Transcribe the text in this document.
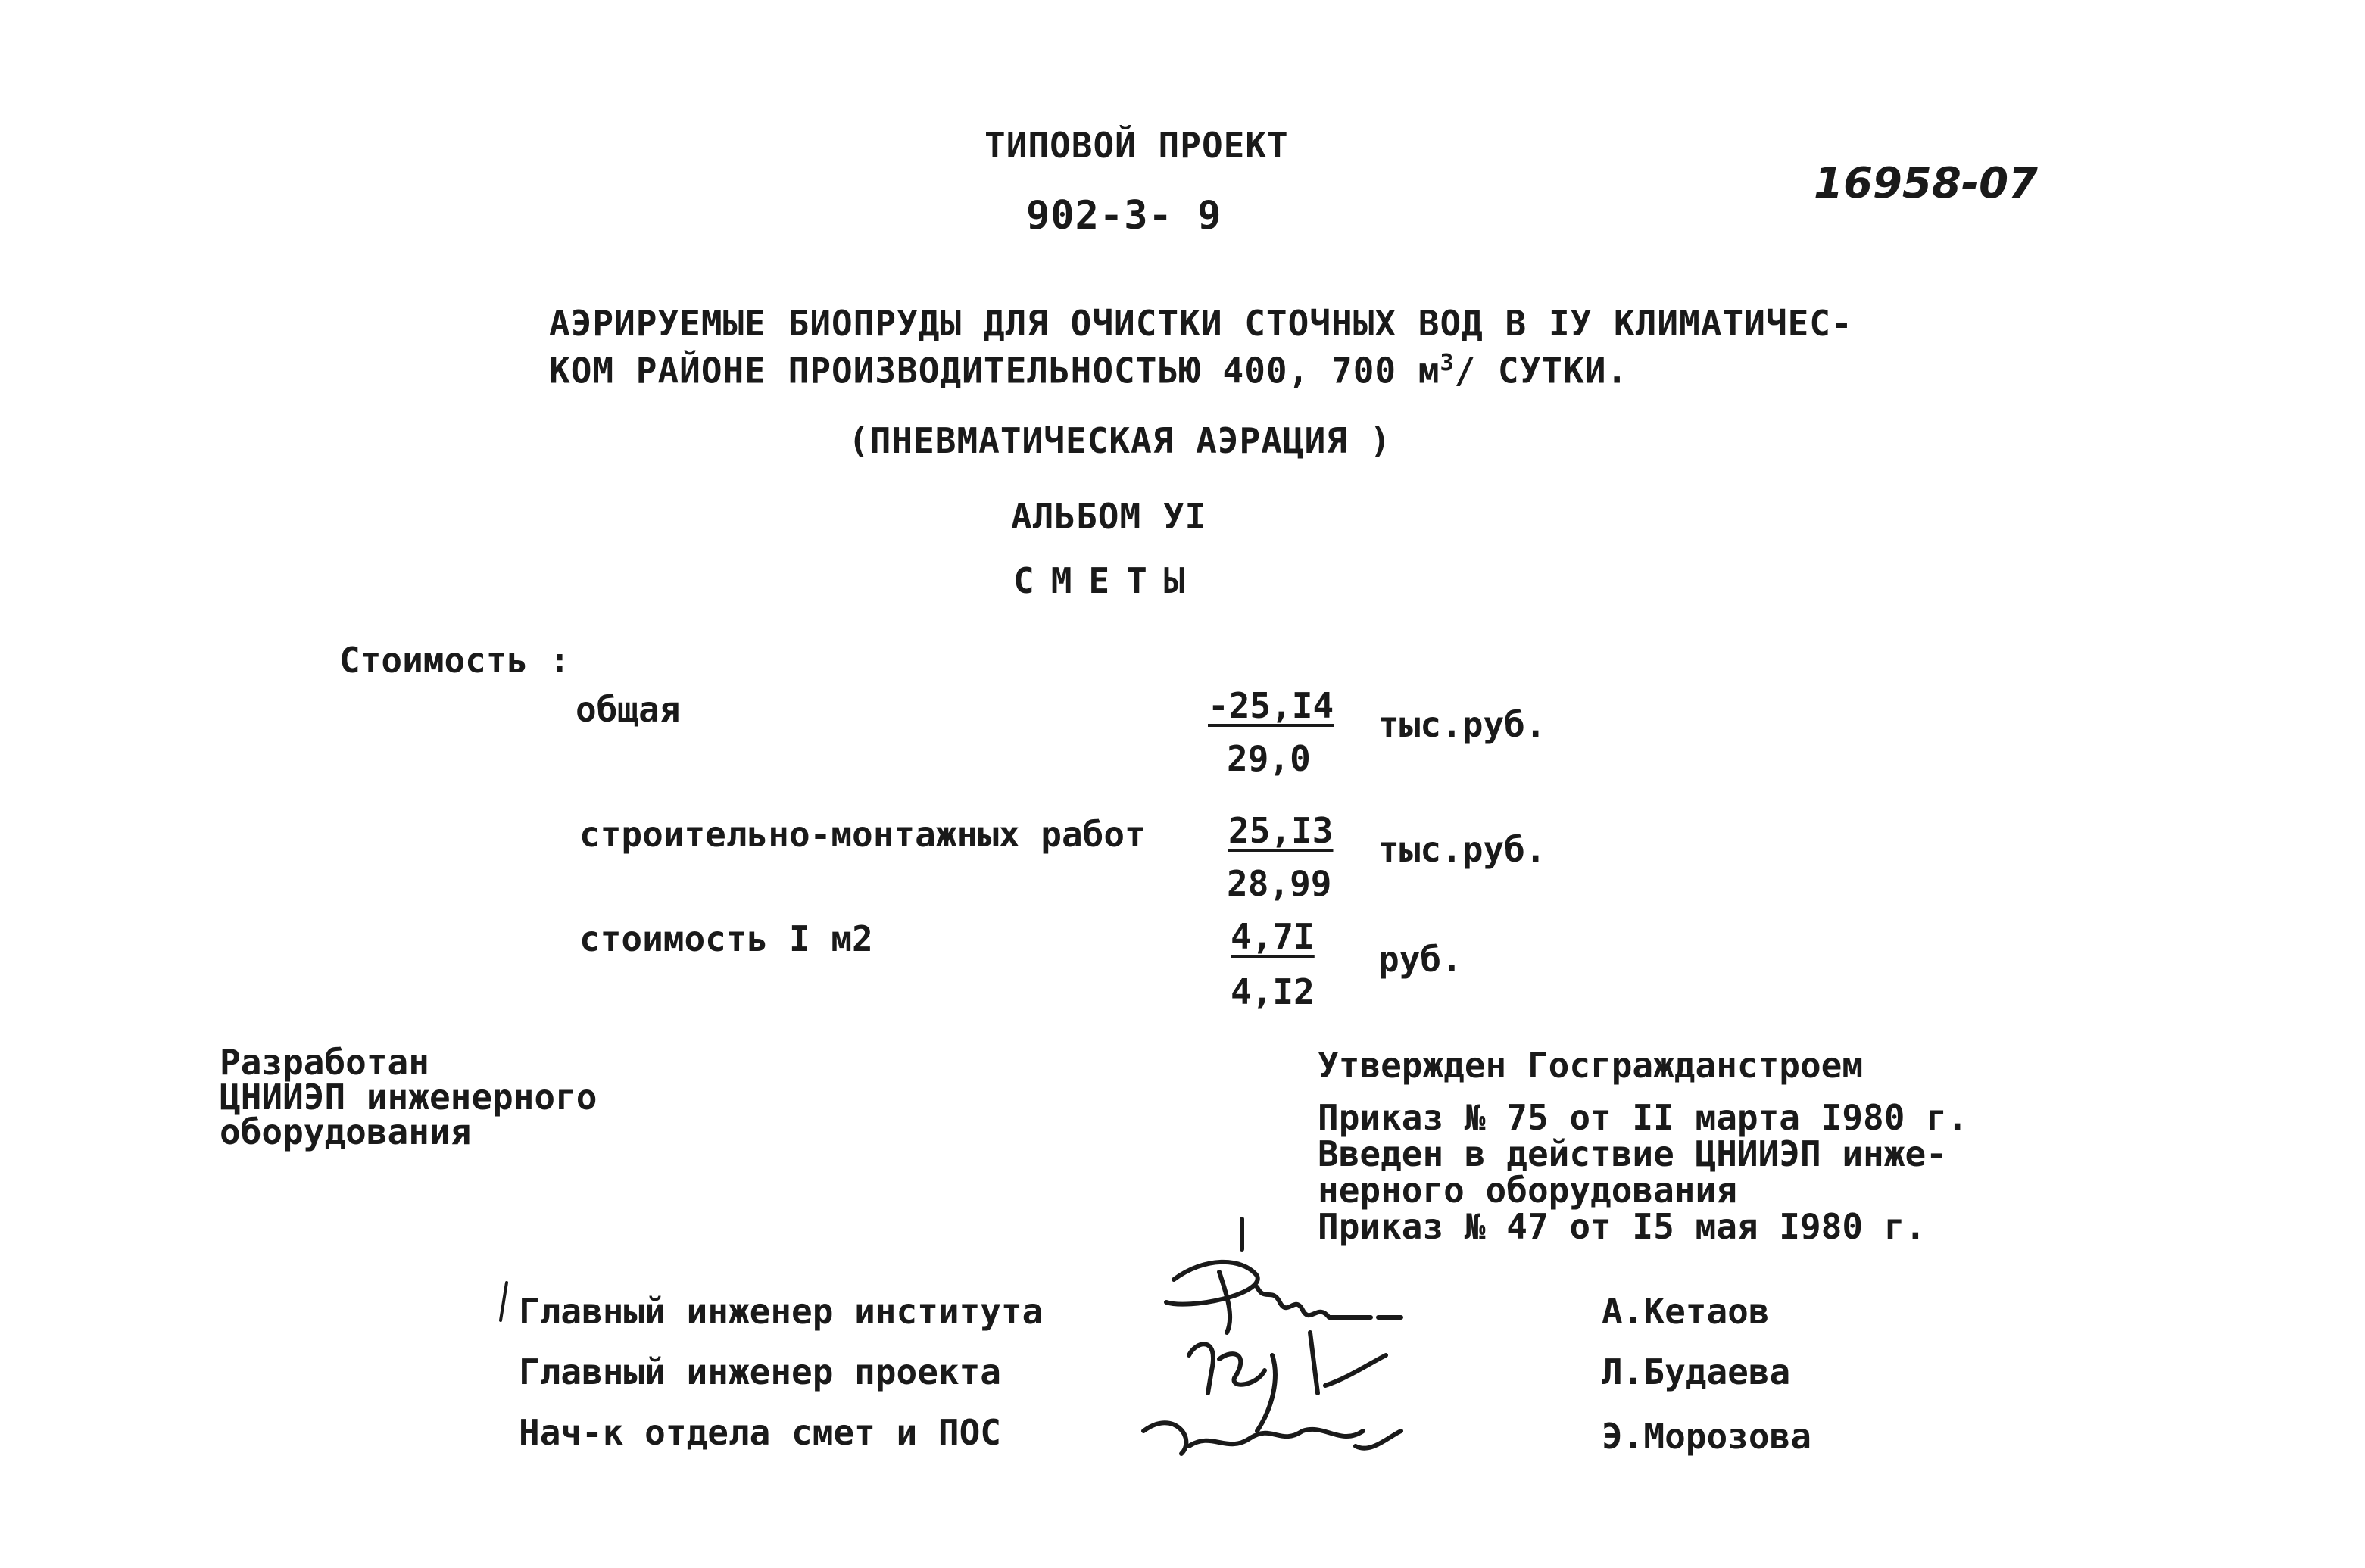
ТИПОВОЙ ПРОЕКТ
902-3- 9
16958-07
АЭРИРУЕМЫЕ БИОПРУДЫ ДЛЯ ОЧИСТКИ СТОЧНЫХ ВОД В IУ КЛИМАТИЧЕС-
КОМ РАЙОНЕ ПРОИЗВОДИТЕЛЬНОСТЬЮ 400, 700 $м^3/$ СУТКИ.
(ПНЕВМАТИЧЕСКАЯ АЭРАЦИЯ )
АЛЬБОМ УI
СМЕТЫ
Стоимость :
общая	-25,I4
29,0
тыс.руб.
строительно-монтажных работ 25,I3
28,99
тыс.руб.
стоимость I м2	4,7I
4,I2
руб.
Разработан
ЦНИИЭП инженерного
оборудования
Утвержден Госгражданстроем
Приказ № 75 от II марта I980 г.
Введен в действие ЦНИИЭП инже-
нерного оборудования
Приказ № 47 от I5 мая I980 г.
Главный инженер института
Главный инженер проекта
Нач-к отдела смет и ПОС
А.Кетаов
Л.Будаева
Э.Морозова
